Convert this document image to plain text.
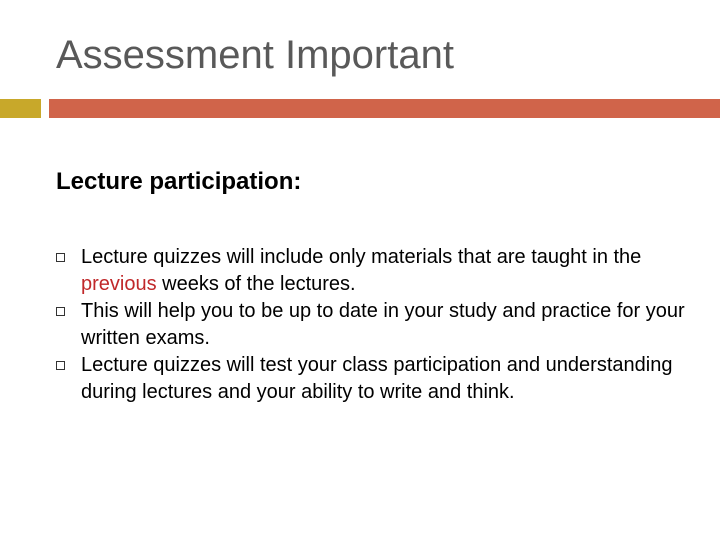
Assessment Important
Lecture participation:
Lecture quizzes will include only materials that are taught in the previous weeks of the lectures.
This will help you to be up to date in your study and practice for your written exams.
Lecture quizzes will test your class participation and understanding during lectures and your ability to write and think.
